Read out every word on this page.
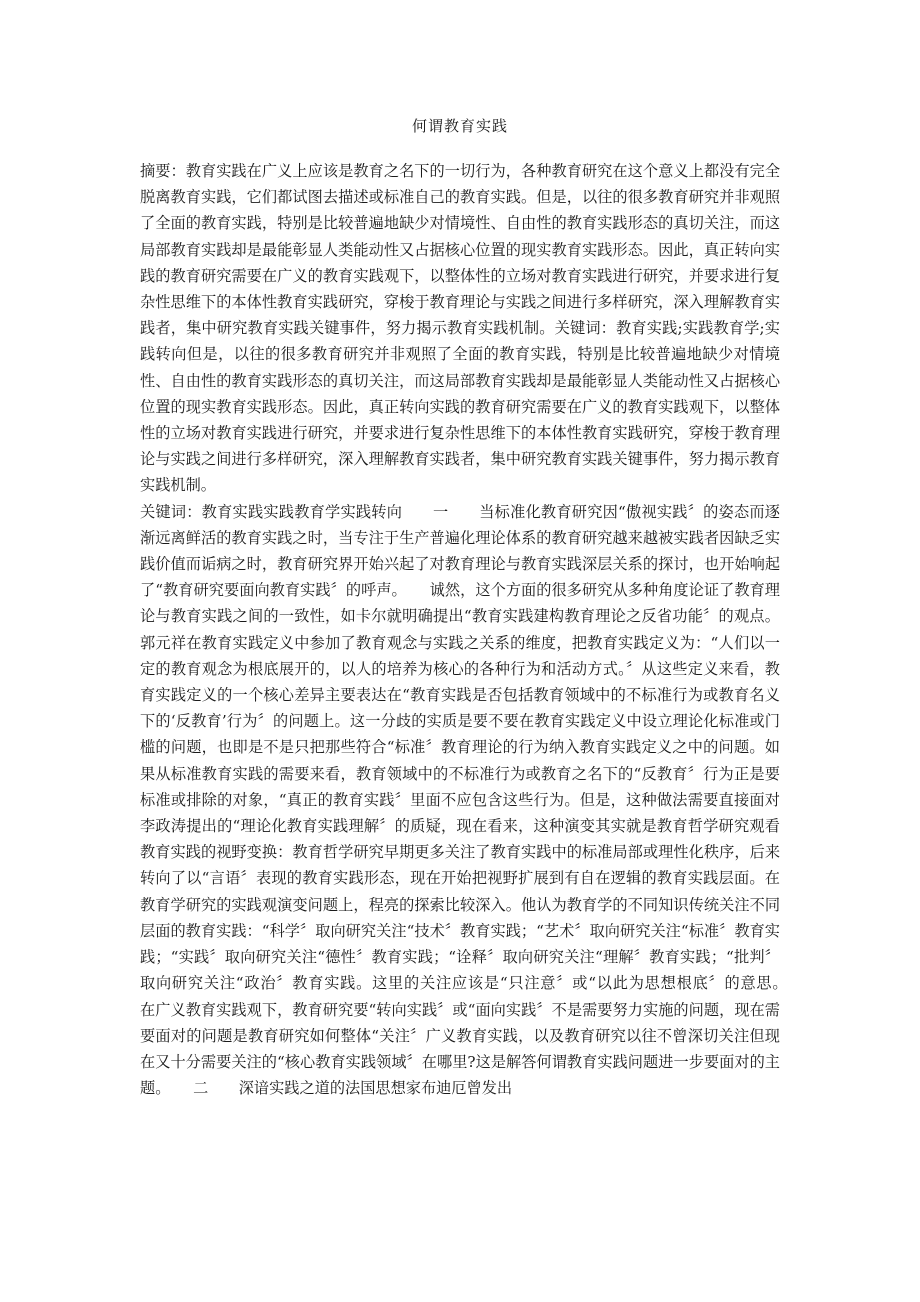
何谓教育实践

摘要：教育实践在广义上应该是教育之名下的一切行为，各种教育研究在这个意义上都没有完全脱离教育实践，它们都试图去描述或标准自己的教育实践。但是，以往的很多教育研究并非观照了全面的教育实践，特别是比较普遍地缺少对情境性、自由性的教育实践形态的真切关注，而这局部教育实践却是最能彰显人类能动性又占据核心位置的现实教育实践形态。因此，真正转向实践的教育研究需要在广义的教育实践观下，以整体性的立场对教育实践进行研究，并要求进行复杂性思维下的本体性教育实践研究，穿梭于教育理论与实践之间进行多样研究，深入理解教育实践者，集中研究教育实践关键事件，努力揭示教育实践机制。关键词：教育实践;实践教育学;实践转向但是，以往的很多教育研究并非观照了全面的教育实践，特别是比较普遍地缺少对情境性、自由性的教育实践形态的真切关注，而这局部教育实践却是最能彰显人类能动性又占据核心位置的现实教育实践形态。因此，真正转向实践的教育研究需要在广义的教育实践观下，以整体性的立场对教育实践进行研究，并要求进行复杂性思维下的本体性教育实践研究，穿梭于教育理论与实践之间进行多样研究，深入理解教育实践者，集中研究教育实践关键事件，努力揭示教育实践机制。

关键词：教育实践实践教育学实践转向　　一　　当标准化教育研究因“傲视实践〞的姿态而逐渐远离鲜活的教育实践之时，当专注于生产普遍化理论体系的教育研究越来越被实践者因缺乏实践价值而诟病之时，教育研究界开始兴起了对教育理论与教育实践深层关系的探讨，也开始响起了“教育研究要面向教育实践〞的呼声。　　诚然，这个方面的很多研究从多种角度论证了教育理论与教育实践之间的一致性，如卡尔就明确提出“教育实践建构教育理论之反省功能〞的观点。郭元祥在教育实践定义中参加了教育观念与实践之关系的维度，把教育实践定义为：“人们以一定的教育观念为根底展开的，以人的培养为核心的各种行为和活动方式。〞从这些定义来看，教育实践定义的一个核心差异主要表达在“教育实践是否包括教育领域中的不标准行为或教育名义下的‘反教育’行为〞的问题上。这一分歧的实质是要不要在教育实践定义中设立理论化标准或门槛的问题，也即是不是只把那些符合“标准〞教育理论的行为纳入教育实践定义之中的问题。如果从标准教育实践的需要来看，教育领域中的不标准行为或教育之名下的“反教育〞行为正是要标准或排除的对象，“真正的教育实践〞里面不应包含这些行为。但是，这种做法需要直接面对李政涛提出的“理论化教育实践理解〞的质疑，现在看来，这种演变其实就是教育哲学研究观看教育实践的视野变换：教育哲学研究早期更多关注了教育实践中的标准局部或理性化秩序，后来转向了以“言语〞表现的教育实践形态，现在开始把视野扩展到有自在逻辑的教育实践层面。在教育学研究的实践观演变问题上，程亮的探索比较深入。他认为教育学的不同知识传统关注不同层面的教育实践：“科学〞取向研究关注“技术〞教育实践；“艺术〞取向研究关注“标准〞教育实践；“实践〞取向研究关注“德性〞教育实践；“诠释〞取向研究关注“理解〞教育实践；“批判〞取向研究关注“政治〞教育实践。这里的关注应该是“只注意〞或“以此为思想根底〞的意思。　　在广义教育实践观下，教育研究要“转向实践〞或“面向实践〞不是需要努力实施的问题，现在需要面对的问题是教育研究如何整体“关注〞广义教育实践，以及教育研究以往不曾深切关注但现在又十分需要关注的“核心教育实践领域〞在哪里?这是解答何谓教育实践问题进一步要面对的主题。　　二　　深谙实践之道的法国思想家布迪厄曾发出
